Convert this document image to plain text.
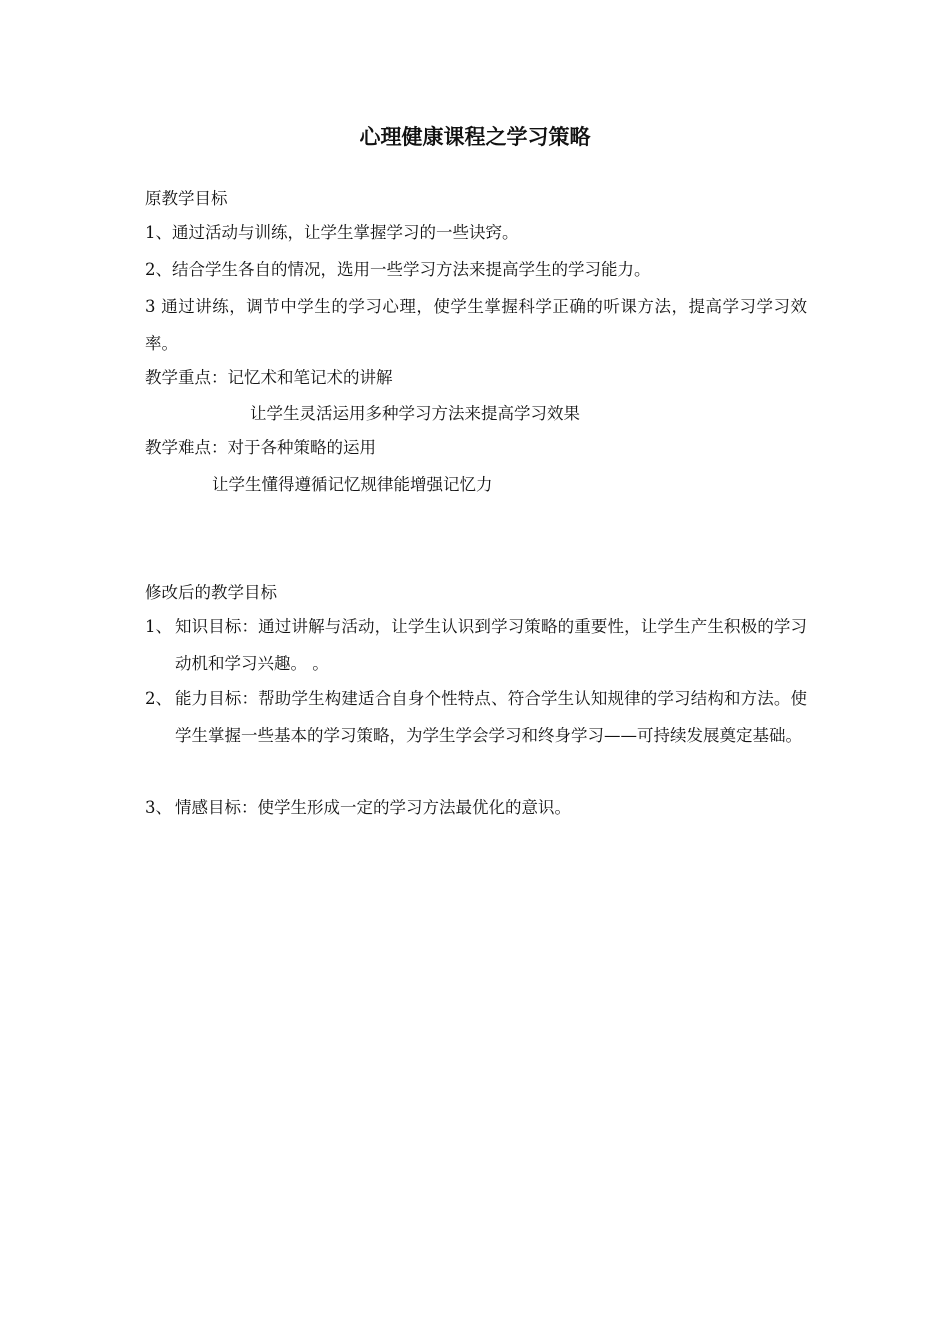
心理健康课程之学习策略
原教学目标
1、通过活动与训练，让学生掌握学习的一些诀窍。
2、结合学生各自的情况，选用一些学习方法来提高学生的学习能力。
3 通过讲练，调节中学生的学习心理，使学生掌握科学正确的听课方法，提高学习学习效率。
教学重点：记忆术和笔记术的讲解
让学生灵活运用多种学习方法来提高学习效果
教学难点：对于各种策略的运用
让学生懂得遵循记忆规律能增强记忆力
修改后的教学目标
1、 知识目标：通过讲解与活动，让学生认识到学习策略的重要性，让学生产生积极的学习动机和学习兴趣。 。
2、 能力目标：帮助学生构建适合自身个性特点、符合学生认知规律的学习结构和方法。使学生掌握一些基本的学习策略，为学生学会学习和终身学习——可持续发展奠定基础。
3、 情感目标：使学生形成一定的学习方法最优化的意识。
